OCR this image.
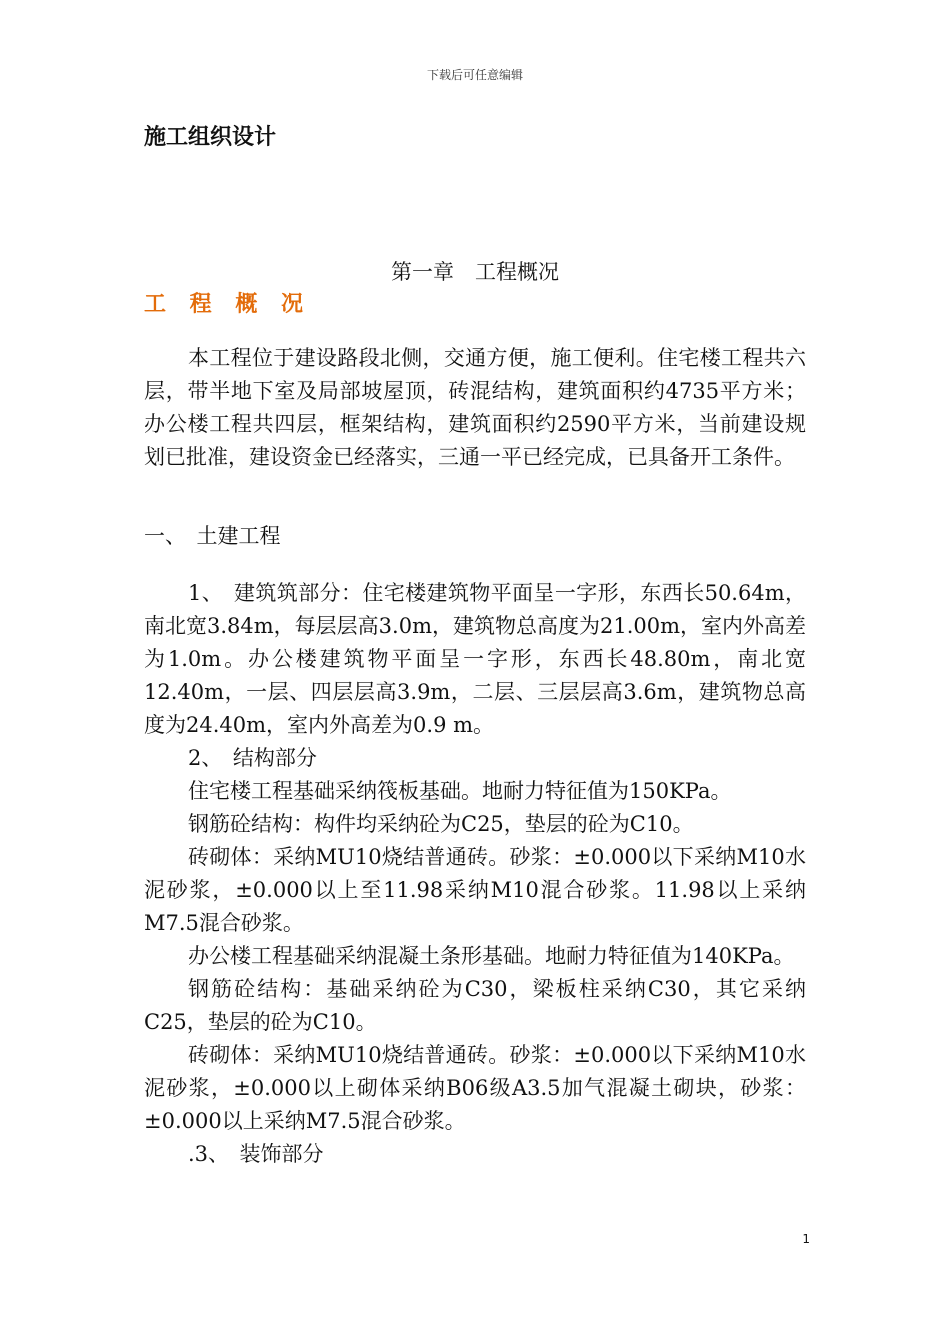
下载后可任意编辑
施工组织设计
第一章　工程概况
工 程 概 况

本工程位于建设路段北侧，交通方便，施工便利。住宅楼工程共六层，带半地下室及局部坡屋顶，砖混结构，建筑面积约4735平方米；办公楼工程共四层，框架结构，建筑面积约2590平方米，当前建设规划已批准，建设资金已经落实，三通一平已经完成，已具备开工条件。

一、　土建工程

1、　建筑筑部分：住宅楼建筑物平面呈一字形，东西长50.64m，南北宽3.84m，每层层高3.0m，建筑物总高度为21.00m，室内外高差为1.0m。办公楼建筑物平面呈一字形，东西长48.80m，南北宽12.40m，一层、四层层高3.9m，二层、三层层高3.6m，建筑物总高度为24.40m，室内外高差为0.9 m。

2、　结构部分

住宅楼工程基础采纳筏板基础。地耐力特征值为150KPa。

钢筋砼结构：构件均采纳砼为C25，垫层的砼为C10。

砖砌体：采纳MU10烧结普通砖。砂浆：±0.000以下采纳M10水泥砂浆，±0.000以上至11.98采纳M10混合砂浆。11.98以上采纳M7.5混合砂浆。

办公楼工程基础采纳混凝土条形基础。地耐力特征值为140KPa。

钢筋砼结构：基础采纳砼为C30，梁板柱采纳C30，其它采纳C25，垫层的砼为C10。

砖砌体：采纳MU10烧结普通砖。砂浆：±0.000以下采纳M10水泥砂浆，±0.000以上砌体采纳B06级A3.5加气混凝土砌块，砂浆：±0.000以上采纳M7.5混合砂浆。

.3、　装饰部分

1
